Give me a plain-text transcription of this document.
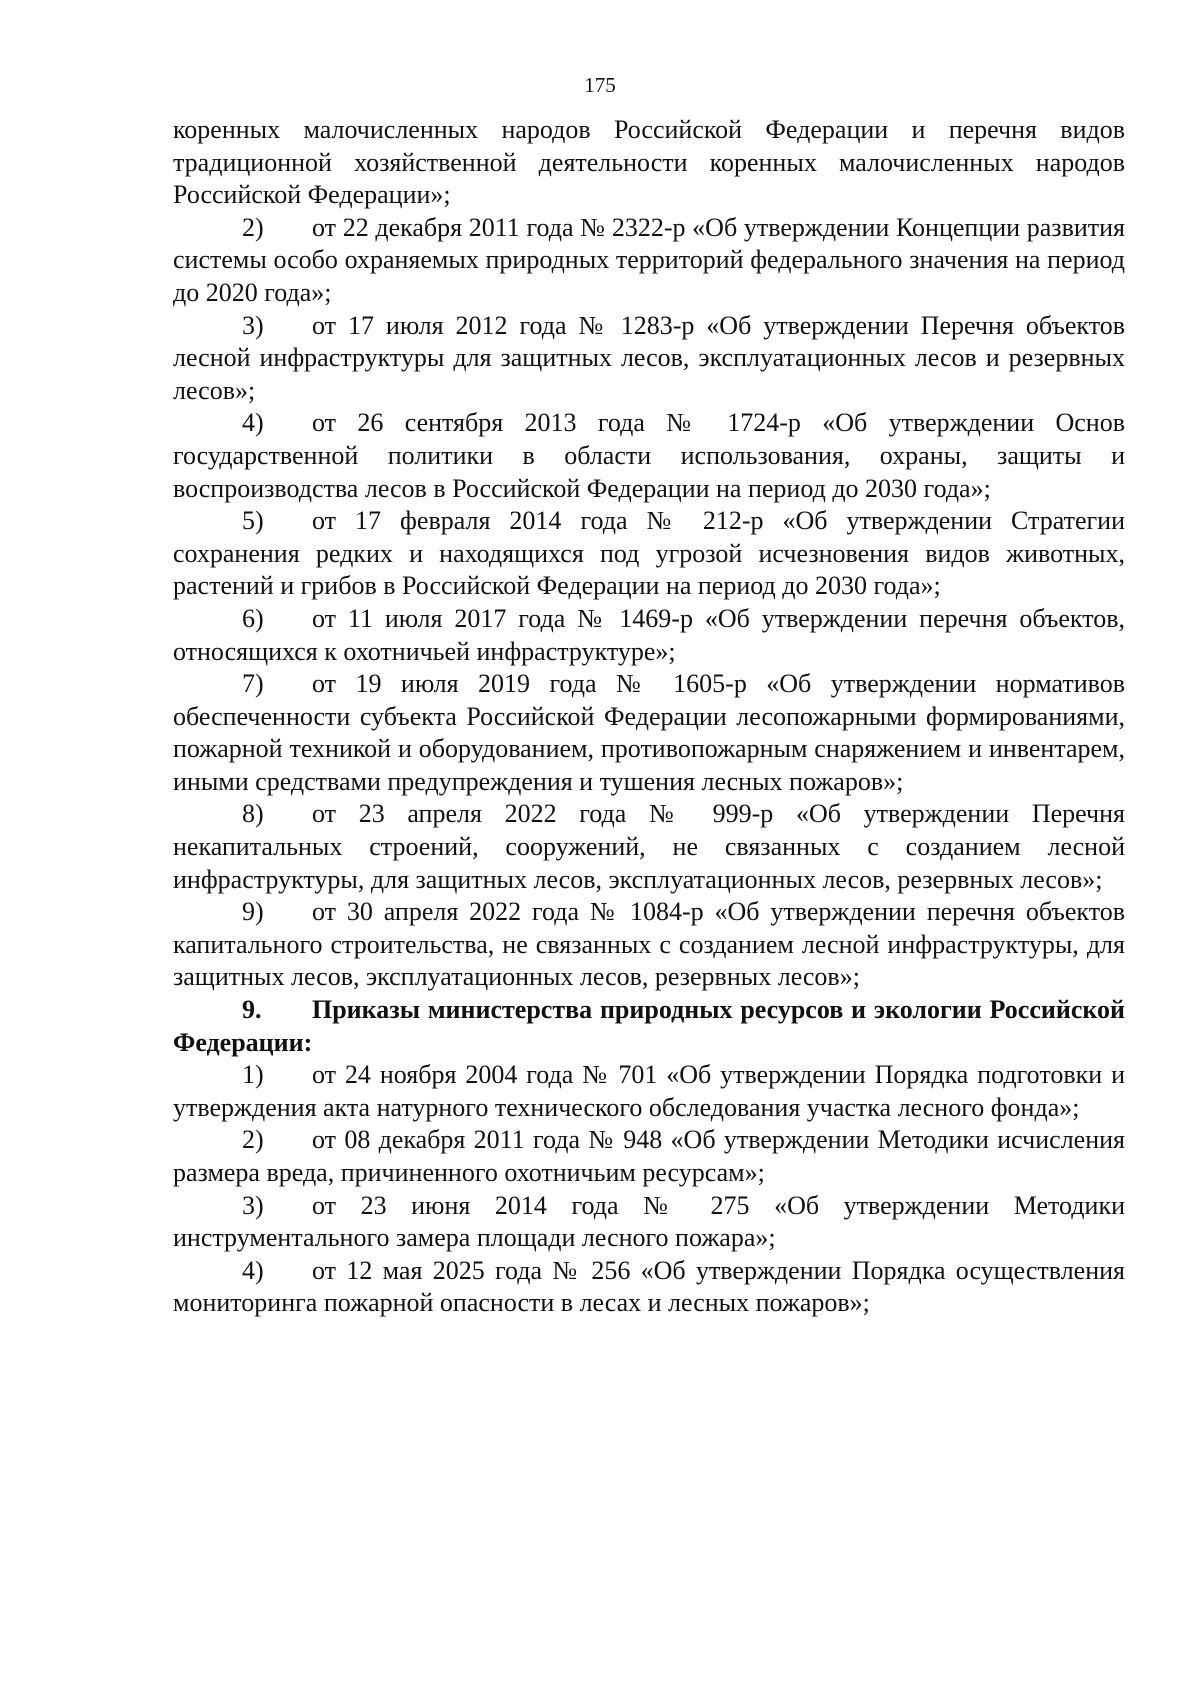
175

коренных малочисленных народов Российской Федерации и перечня видов традиционной хозяйственной деятельности коренных малочисленных народов Российской Федерации»;

2) от 22 декабря 2011 года № 2322-р «Об утверждении Концепции развития системы особо охраняемых природных территорий федерального значения на период до 2020 года»;

3) от 17 июля 2012 года № 1283-р «Об утверждении Перечня объектов лесной инфраструктуры для защитных лесов, эксплуатационных лесов и резервных лесов»;

4) от 26 сентября 2013 года № 1724-р «Об утверждении Основ государственной политики в области использования, охраны, защиты и воспроизводства лесов в Российской Федерации на период до 2030 года»;

5) от 17 февраля 2014 года № 212-р «Об утверждении Стратегии сохранения редких и находящихся под угрозой исчезновения видов животных, растений и грибов в Российской Федерации на период до 2030 года»;

6) от 11 июля 2017 года № 1469-р «Об утверждении перечня объектов, относящихся к охотничьей инфраструктуре»;

7) от 19 июля 2019 года № 1605-р «Об утверждении нормативов обеспеченности субъекта Российской Федерации лесопожарными формированиями, пожарной техникой и оборудованием, противопожарным снаряжением и инвентарем, иными средствами предупреждения и тушения лесных пожаров»;

8) от 23 апреля 2022 года № 999-р «Об утверждении Перечня некапитальных строений, сооружений, не связанных с созданием лесной инфраструктуры, для защитных лесов, эксплуатационных лесов, резервных лесов»;

9) от 30 апреля 2022 года № 1084-р «Об утверждении перечня объектов капитального строительства, не связанных с созданием лесной инфраструктуры, для защитных лесов, эксплуатационных лесов, резервных лесов»;

9. Приказы министерства природных ресурсов и экологии Российской Федерации:

1) от 24 ноября 2004 года № 701 «Об утверждении Порядка подготовки и утверждения акта натурного технического обследования участка лесного фонда»;

2) от 08 декабря 2011 года № 948 «Об утверждении Методики исчисления размера вреда, причиненного охотничьим ресурсам»;

3) от 23 июня 2014 года № 275 «Об утверждении Методики инструментального замера площади лесного пожара»;

4) от 12 мая 2025 года № 256 «Об утверждении Порядка осуществления мониторинга пожарной опасности в лесах и лесных пожаров»;
